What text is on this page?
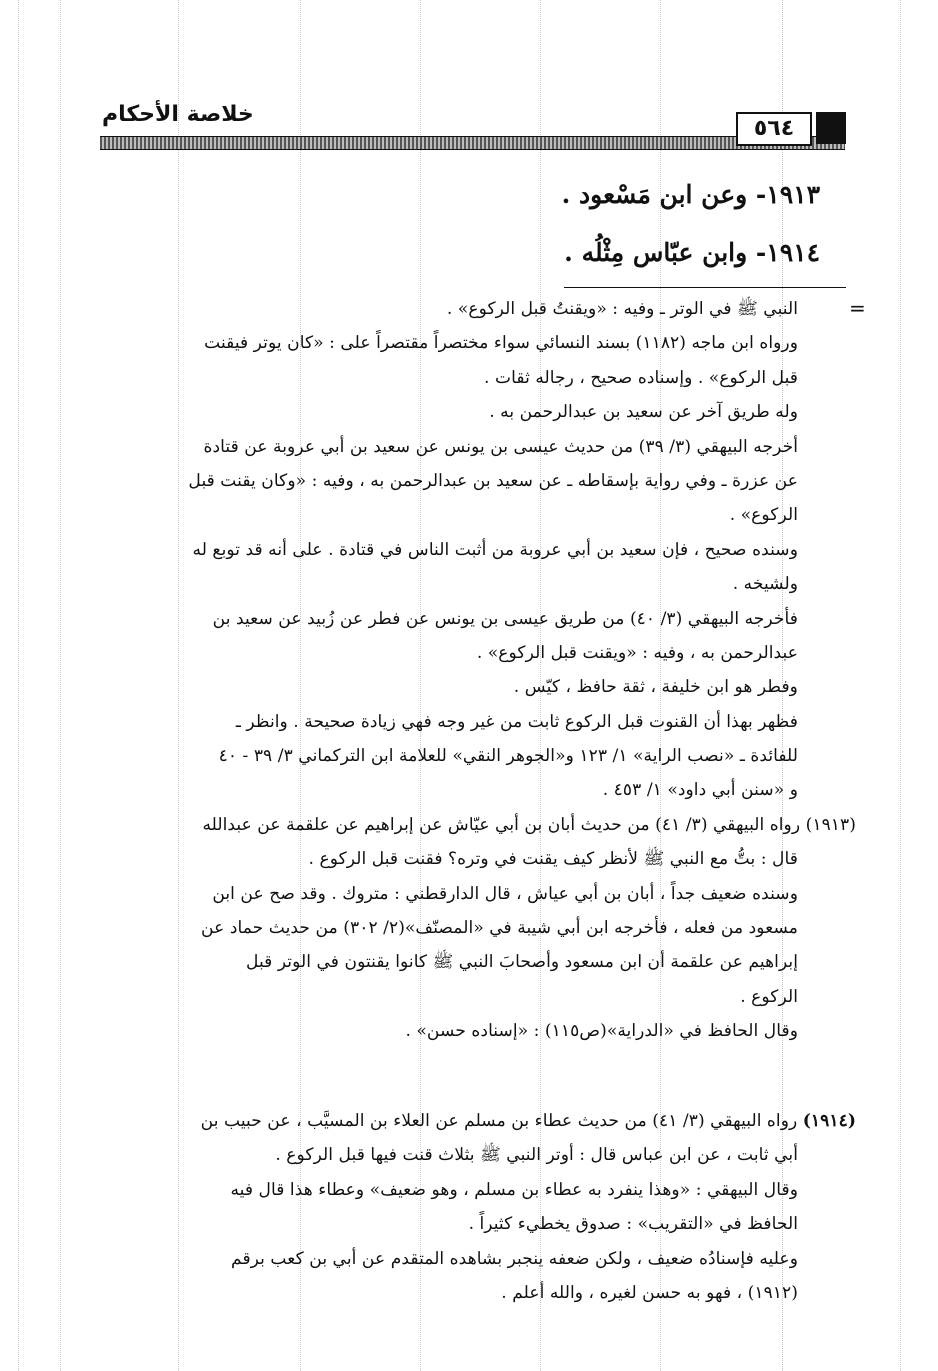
خلاصة الأحكام
٥٦٤
١٩١٣- وعن ابن مَسْعود .
١٩١٤- وابن عبّاس مِثْلُه .
=
النبي ﷺ في الوتر ـ وفيه : «ويقنتُ قبل الركوع» .
ورواه ابن ماجه (١١٨٢) بسند النسائي سواء مختصراً مقتصراً على : «كان يوتر فيقنت
قبل الركوع» . وإسناده صحيح ، رجاله ثقات .
وله طريق آخر عن سعيد بن عبدالرحمن به .
أخرجه البيهقي (٣/ ٣٩) من حديث عيسى بن يونس عن سعيد بن أبي عروبة عن قتادة
عن عزرة ـ وفي رواية بإسقاطه ـ عن سعيد بن عبدالرحمن به ، وفيه : «وكان يقنت قبل
الركوع» .
وسنده صحيح ، فإن سعيد بن أبي عروبة من أثبت الناس في قتادة . على أنه قد توبع له
ولشيخه .
فأخرجه البيهقي (٣/ ٤٠) من طريق عيسى بن يونس عن فطر عن زُبيد عن سعيد بن
عبدالرحمن به ، وفيه : «ويقنت قبل الركوع» .
وفطر هو ابن خليفة ، ثقة حافظ ، كيّس .
فظهر بهذا أن القنوت قبل الركوع ثابت من غير وجه فهي زيادة صحيحة . وانظر ـ
للفائدة ـ «نصب الراية» ١/ ١٢٣ و«الجوهر النقي» للعلامة ابن التركماني ٣/ ٣٩ - ٤٠
و «سنن أبي داود» ١/ ٤٥٣ .
(١٩١٣) رواه البيهقي (٣/ ٤١) من حديث أبان بن أبي عيّاش عن إبراهيم عن علقمة عن عبدالله
قال : بتُّ مع النبي ﷺ لأنظر كيف يقنت في وتره؟ فقنت قبل الركوع .
وسنده ضعيف جداً ، أبان بن أبي عياش ، قال الدارقطني : متروك . وقد صح عن ابن
مسعود من فعله ، فأخرجه ابن أبي شيبة في «المصنّف»(٢/ ٣٠٢) من حديث حماد عن
إبراهيم عن علقمة أن ابن مسعود وأصحابَ النبي ﷺ كانوا يقنتون في الوتر قبل
الركوع .
وقال الحافظ في «الدراية»(ص١١٥) : «إسناده حسن» .
(١٩١٤) رواه البيهقي (٣/ ٤١) من حديث عطاء بن مسلم عن العلاء بن المسيَّب ، عن حبيب بن
أبي ثابت ، عن ابن عباس قال : أوتر النبي ﷺ بثلاث قنت فيها قبل الركوع .
وقال البيهقي : «وهذا ينفرد به عطاء بن مسلم ، وهو ضعيف» وعطاء هذا قال فيه
الحافظ في «التقريب» : صدوق يخطيء كثيراً .
وعليه فإسنادُه ضعيف ، ولكن ضعفه ينجبر بشاهده المتقدم عن أبي بن كعب برقم
(١٩١٢) ، فهو به حسن لغيره ، والله أعلم .
